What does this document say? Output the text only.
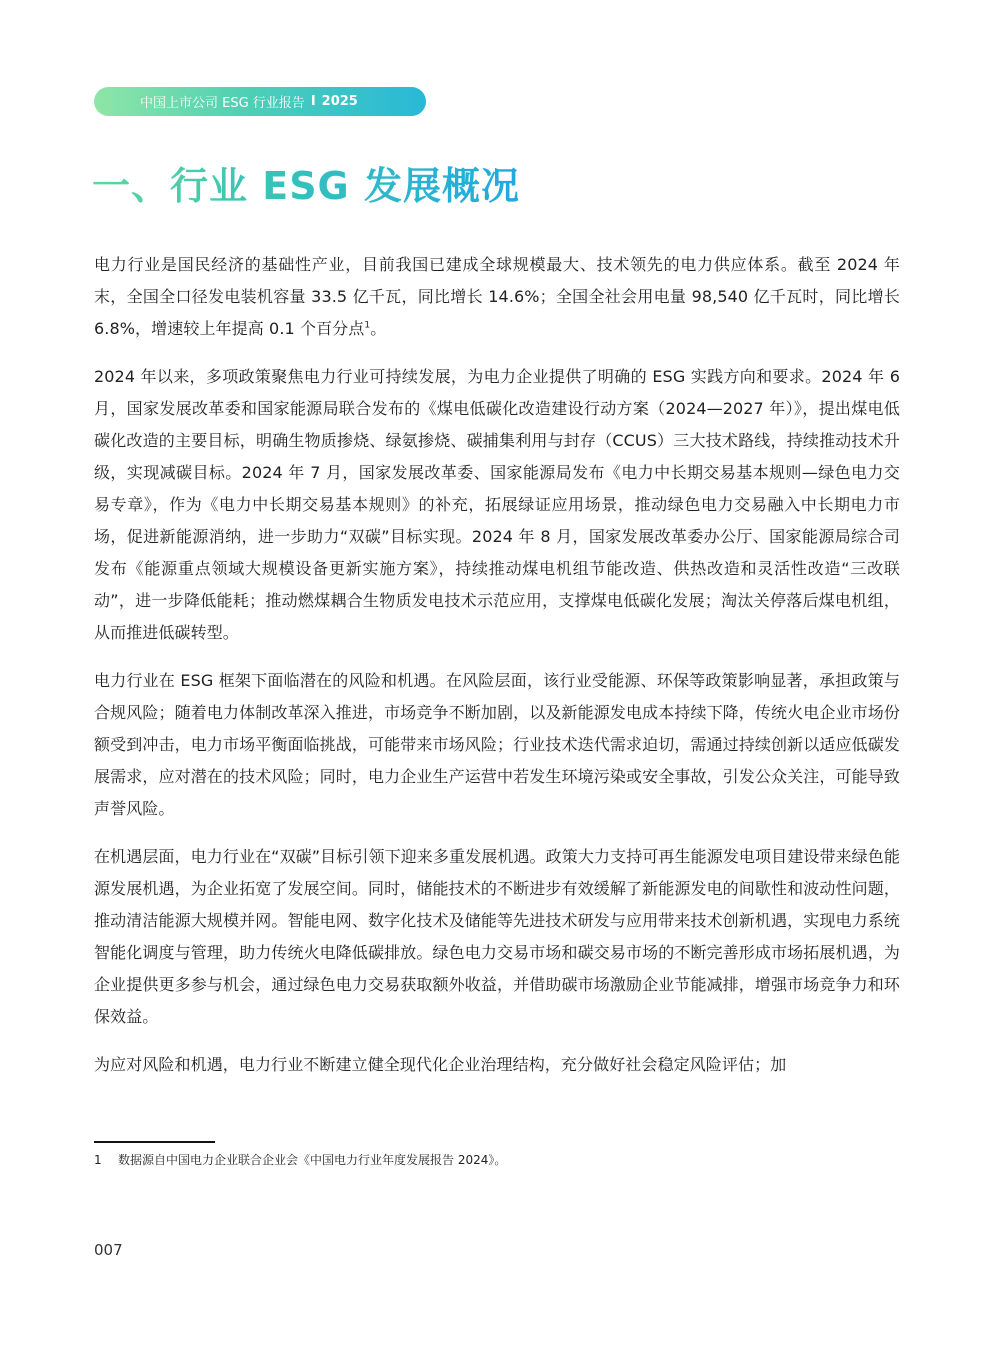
中国上市公司 ESG 行业报告 I 2025
一、行业 ESG 发展概况

电力行业是国民经济的基础性产业，目前我国已建成全球规模最大、技术领先的电力供应体系。截至 2024 年末，全国全口径发电装机容量 33.5 亿千瓦，同比增长 14.6%；全国全社会用电量 98,540 亿千瓦时，同比增长 6.8%，增速较上年提高 0.1 个百分点$^1$。

2024 年以来，多项政策聚焦电力行业可持续发展，为电力企业提供了明确的 ESG 实践方向和要求。2024 年 6 月，国家发展改革委和国家能源局联合发布的《煤电低碳化改造建设行动方案（2024—2027 年）》，提出煤电低碳化改造的主要目标，明确生物质掺烧、绿氨掺烧、碳捕集利用与封存（CCUS）三大技术路线，持续推动技术升级，实现减碳目标。2024 年 7 月，国家发展改革委、国家能源局发布《电力中长期交易基本规则—绿色电力交易专章》，作为《电力中长期交易基本规则》的补充，拓展绿证应用场景，推动绿色电力交易融入中长期电力市场，促进新能源消纳，进一步助力“双碳”目标实现。2024 年 8 月，国家发展改革委办公厅、国家能源局综合司发布《能源重点领域大规模设备更新实施方案》，持续推动煤电机组节能改造、供热改造和灵活性改造“三改联动”，进一步降低能耗；推动燃煤耦合生物质发电技术示范应用，支撑煤电低碳化发展；淘汰关停落后煤电机组，从而推进低碳转型。

电力行业在 ESG 框架下面临潜在的风险和机遇。在风险层面，该行业受能源、环保等政策影响显著，承担政策与合规风险；随着电力体制改革深入推进，市场竞争不断加剧，以及新能源发电成本持续下降，传统火电企业市场份额受到冲击，电力市场平衡面临挑战，可能带来市场风险；行业技术迭代需求迫切，需通过持续创新以适应低碳发展需求，应对潜在的技术风险；同时，电力企业生产运营中若发生环境污染或安全事故，引发公众关注，可能导致声誉风险。

在机遇层面，电力行业在“双碳”目标引领下迎来多重发展机遇。政策大力支持可再生能源发电项目建设带来绿色能源发展机遇，为企业拓宽了发展空间。同时，储能技术的不断进步有效缓解了新能源发电的间歇性和波动性问题，推动清洁能源大规模并网。智能电网、数字化技术及储能等先进技术研发与应用带来技术创新机遇，实现电力系统智能化调度与管理，助力传统火电降低碳排放。绿色电力交易市场和碳交易市场的不断完善形成市场拓展机遇，为企业提供更多参与机会，通过绿色电力交易获取额外收益，并借助碳市场激励企业节能减排，增强市场竞争力和环保效益。

为应对风险和机遇，电力行业不断建立健全现代化企业治理结构，充分做好社会稳定风险评估；加

1 数据源自中国电力企业联合企业会《中国电力行业年度发展报告 2024》。
007
